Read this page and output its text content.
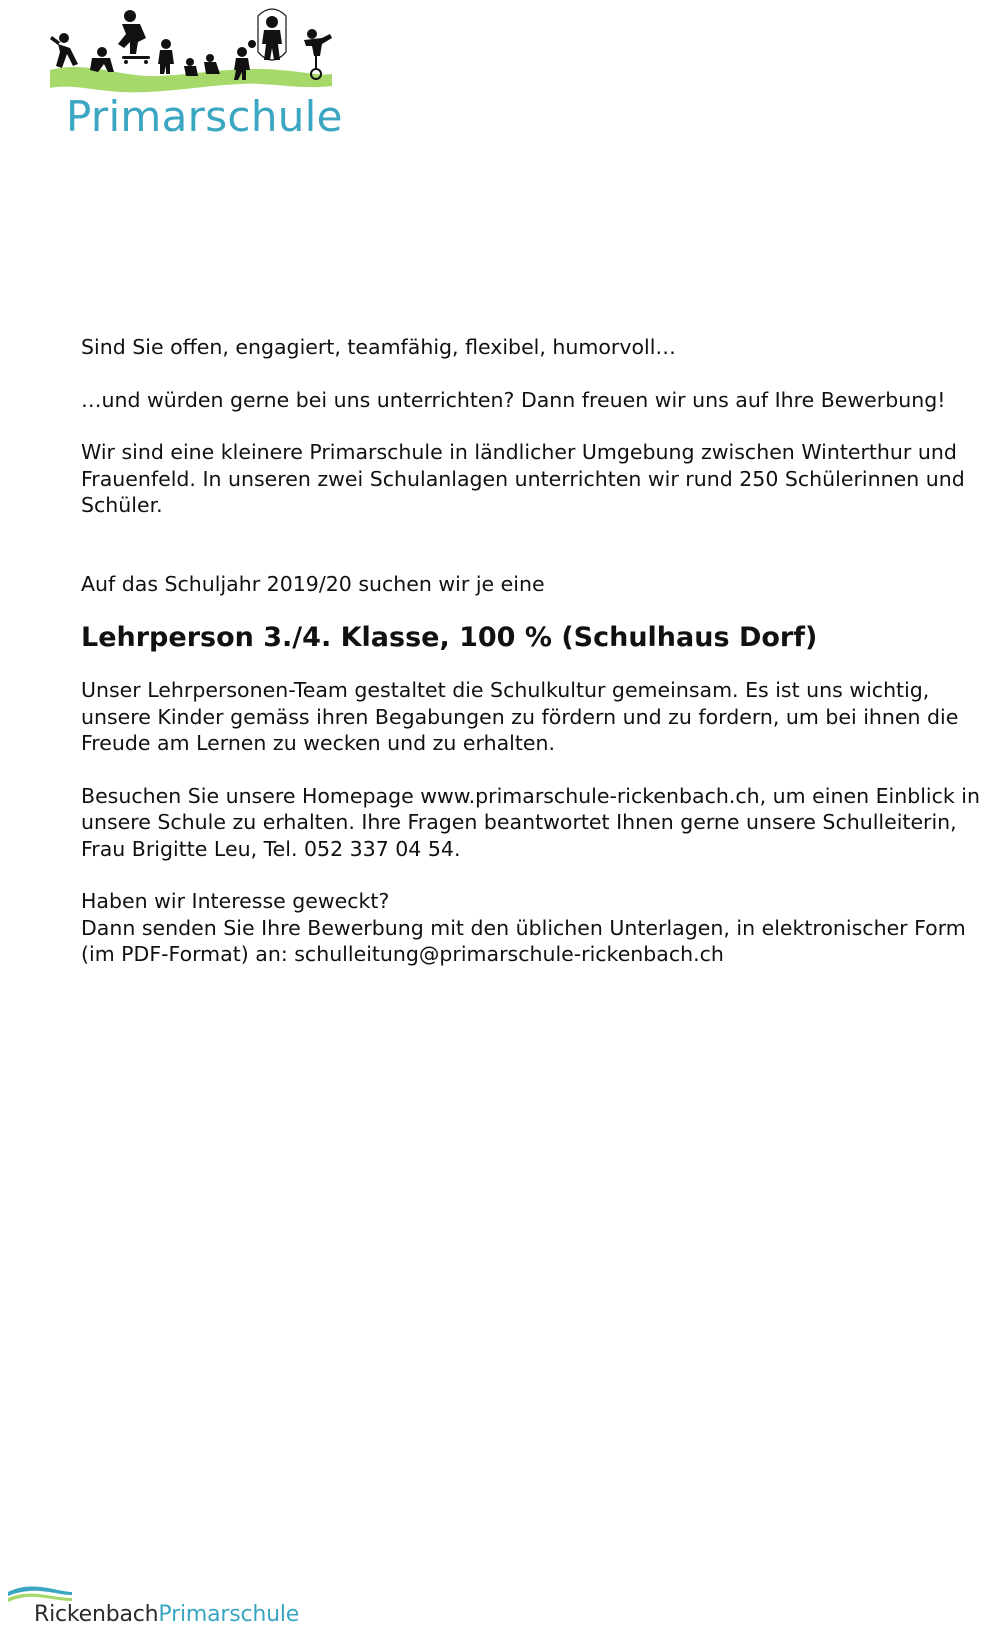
Primarschule

Sind Sie offen, engagiert, teamfähig, flexibel, humorvoll…

…und würden gerne bei uns unterrichten? Dann freuen wir uns auf Ihre Bewerbung!

Wir sind eine kleinere Primarschule in ländlicher Umgebung zwischen Winterthur und
Frauenfeld. In unseren zwei Schulanlagen unterrichten wir rund 250 Schülerinnen und
Schüler.

Auf das Schuljahr 2019/20 suchen wir je eine

Lehrperson 3./4. Klasse, 100 % (Schulhaus Dorf)

Unser Lehrpersonen-Team gestaltet die Schulkultur gemeinsam. Es ist uns wichtig,
unsere Kinder gemäss ihren Begabungen zu fördern und zu fordern, um bei ihnen die
Freude am Lernen zu wecken und zu erhalten.

Besuchen Sie unsere Homepage www.primarschule-rickenbach.ch, um einen Einblick in
unsere Schule zu erhalten. Ihre Fragen beantwortet Ihnen gerne unsere Schulleiterin,
Frau Brigitte Leu, Tel. 052 337 04 54.

Haben wir Interesse geweckt?
Dann senden Sie Ihre Bewerbung mit den üblichen Unterlagen, in elektronischer Form
(im PDF-Format) an: schulleitung@primarschule-rickenbach.ch

RickenbachPrimarschule
